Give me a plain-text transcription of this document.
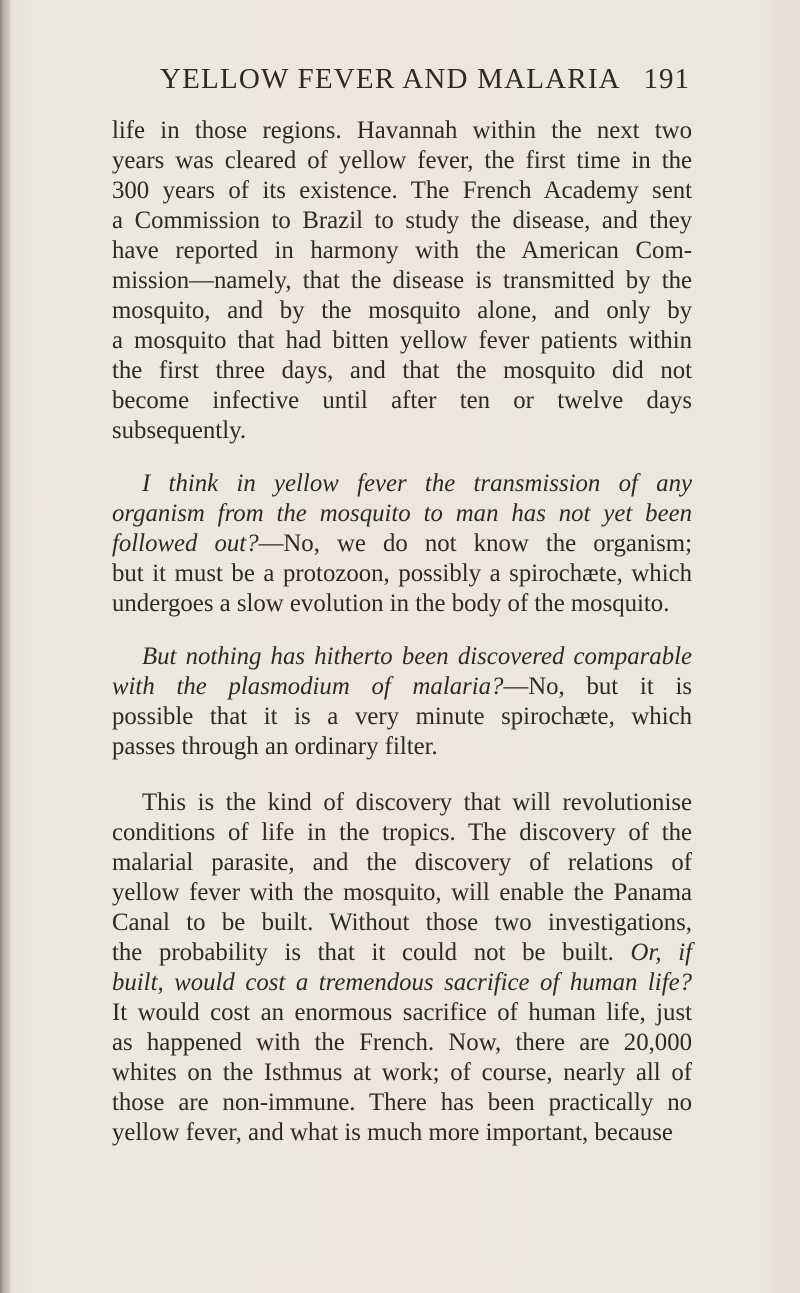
YELLOW FEVER AND MALARIA 191
life in those regions. Havannah within the next two
years was cleared of yellow fever, the first time in the
300 years of its existence. The French Academy sent
a Commission to Brazil to study the disease, and they
have reported in harmony with the American Com-
mission—namely, that the disease is transmitted by the
mosquito, and by the mosquito alone, and only by
a mosquito that had bitten yellow fever patients within
the first three days, and that the mosquito did not
become infective until after ten or twelve days
subsequently.
I think in yellow fever the transmission of any
organism from the mosquito to man has not yet been
followed out?—No, we do not know the organism;
but it must be a protozoon, possibly a spirochæte, which
undergoes a slow evolution in the body of the mosquito.
But nothing has hitherto been discovered comparable
with the plasmodium of malaria?—No, but it is
possible that it is a very minute spirochæte, which
passes through an ordinary filter.
This is the kind of discovery that will revolutionise
conditions of life in the tropics. The discovery of the
malarial parasite, and the discovery of relations of
yellow fever with the mosquito, will enable the Panama
Canal to be built. Without those two investigations,
the probability is that it could not be built. Or, if
built, would cost a tremendous sacrifice of human life?
It would cost an enormous sacrifice of human life, just
as happened with the French. Now, there are 20,000
whites on the Isthmus at work; of course, nearly all of
those are non-immune. There has been practically no
yellow fever, and what is much more important, because
